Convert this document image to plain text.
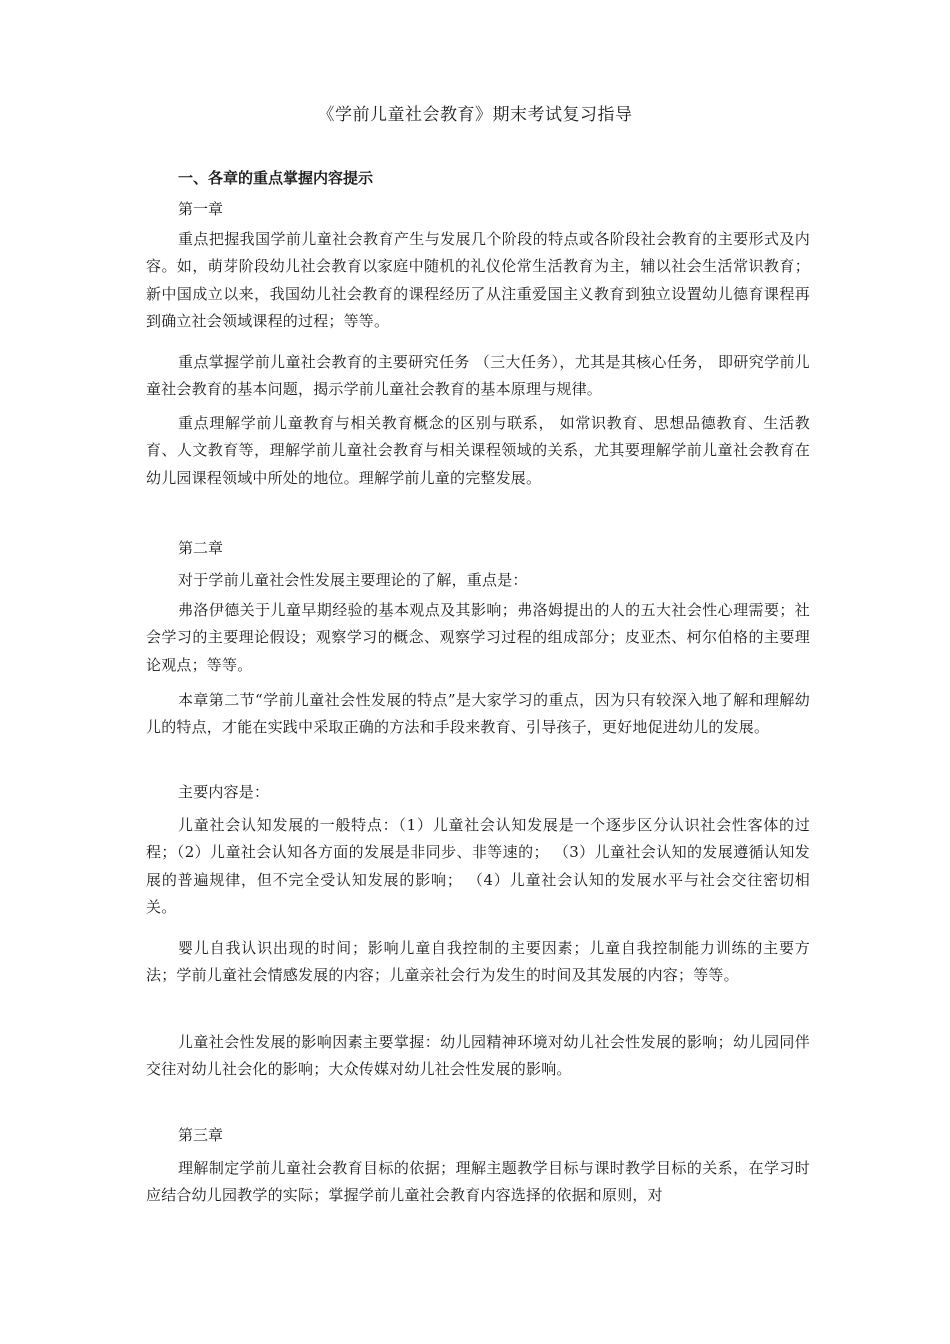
《学前儿童社会教育》期末考试复习指导
一、各章的重点掌握内容提示
第一章
重点把握我国学前儿童社会教育产生与发展几个阶段的特点或各阶段社会教育的主要形式及内容。如，萌芽阶段幼儿社会教育以家庭中随机的礼仪伦常生活教育为主，辅以社会生活常识教育；新中国成立以来，我国幼儿社会教育的课程经历了从注重爱国主义教育到独立设置幼儿德育课程再到确立社会领域课程的过程；等等。
重点掌握学前儿童社会教育的主要研究任务 （三大任务），尤其是其核心任务， 即研究学前儿童社会教育的基本问题，揭示学前儿童社会教育的基本原理与规律。
重点理解学前儿童教育与相关教育概念的区别与联系， 如常识教育、思想品德教育、生活教育、人文教育等，理解学前儿童社会教育与相关课程领域的关系，尤其要理解学前儿童社会教育在幼儿园课程领域中所处的地位。理解学前儿童的完整发展。
第二章
对于学前儿童社会性发展主要理论的了解，重点是：
弗洛伊德关于儿童早期经验的基本观点及其影响；弗洛姆提出的人的五大社会性心理需要；社会学习的主要理论假设；观察学习的概念、观察学习过程的组成部分；皮亚杰、柯尔伯格的主要理论观点；等等。
本章第二节“学前儿童社会性发展的特点”是大家学习的重点，因为只有较深入地了解和理解幼儿的特点，才能在实践中采取正确的方法和手段来教育、引导孩子，更好地促进幼儿的发展。
主要内容是：
儿童社会认知发展的一般特点：（1）儿童社会认知发展是一个逐步区分认识社会性客体的过程；（2）儿童社会认知各方面的发展是非同步、非等速的； （3）儿童社会认知的发展遵循认知发展的普遍规律，但不完全受认知发展的影响； （4）儿童社会认知的发展水平与社会交往密切相关。
婴儿自我认识出现的时间；影响儿童自我控制的主要因素；儿童自我控制能力训练的主要方法；学前儿童社会情感发展的内容；儿童亲社会行为发生的时间及其发展的内容；等等。
儿童社会性发展的影响因素主要掌握：幼儿园精神环境对幼儿社会性发展的影响；幼儿园同伴交往对幼儿社会化的影响；大众传媒对幼儿社会性发展的影响。
第三章
理解制定学前儿童社会教育目标的依据；理解主题教学目标与课时教学目标的关系，在学习时应结合幼儿园教学的实际；掌握学前儿童社会教育内容选择的依据和原则，对
